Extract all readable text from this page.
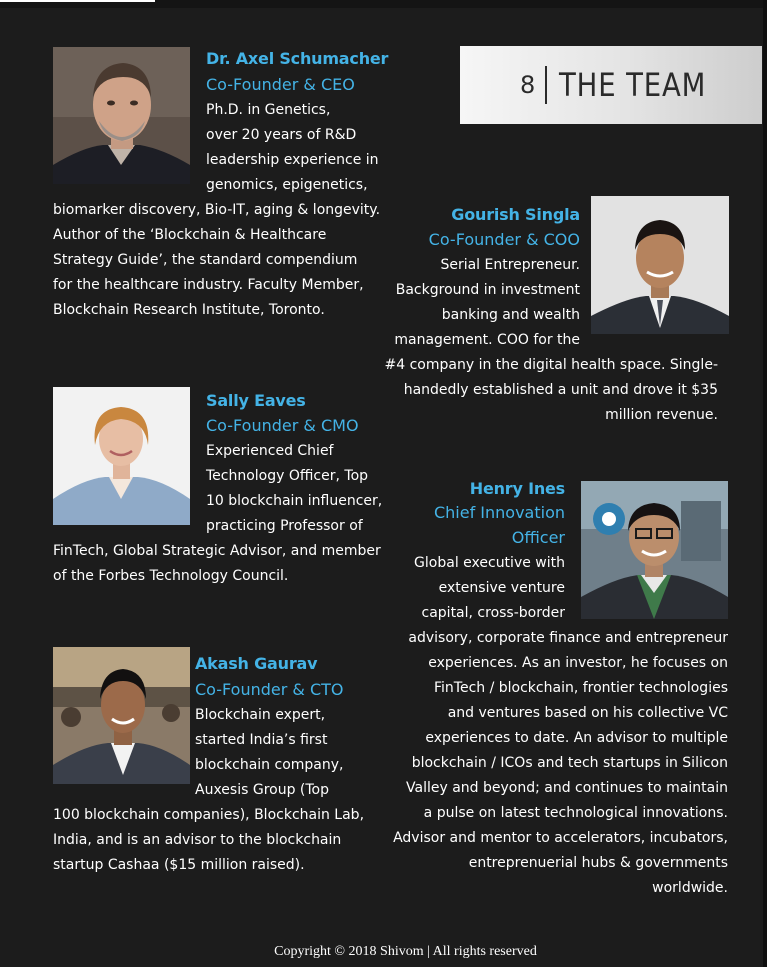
8 THE TEAM
Dr. Axel Schumacher
Co-Founder & CEO
Ph.D. in Genetics,
over 20 years of R&D
leadership experience in
genomics, epigenetics,
biomarker discovery, Bio-IT, aging & longevity.
Author of the ‘Blockchain & Healthcare
Strategy Guide’, the standard compendium
for the healthcare industry. Faculty Member,
Blockchain Research Institute, Toronto.
Gourish Singla
Co-Founder & COO
Serial Entrepreneur.
Background in investment
banking and wealth
management. COO for the
#4 company in the digital health space. Single-
handedly established a unit and drove it $35
million revenue.
Sally Eaves
Co-Founder & CMO
Experienced Chief
Technology Officer, Top
10 blockchain influencer,
practicing Professor of
FinTech, Global Strategic Advisor, and member
of the Forbes Technology Council.
Henry Ines
Chief Innovation
Officer
Global executive with
extensive venture
capital, cross-border
advisory, corporate finance and entrepreneur
experiences. As an investor, he focuses on
FinTech / blockchain, frontier technologies
and ventures based on his collective VC
experiences to date. An advisor to multiple
blockchain / ICOs and tech startups in Silicon
Valley and beyond; and continues to maintain
a pulse on latest technological innovations.
Advisor and mentor to accelerators, incubators,
entreprenuerial hubs & governments
worldwide.
Akash Gaurav
Co-Founder & CTO
Blockchain expert,
started India’s first
blockchain company,
Auxesis Group (Top
100 blockchain companies), Blockchain Lab,
India, and is an advisor to the blockchain
startup Cashaa ($15 million raised).
Copyright © 2018 Shivom | All rights reserved
